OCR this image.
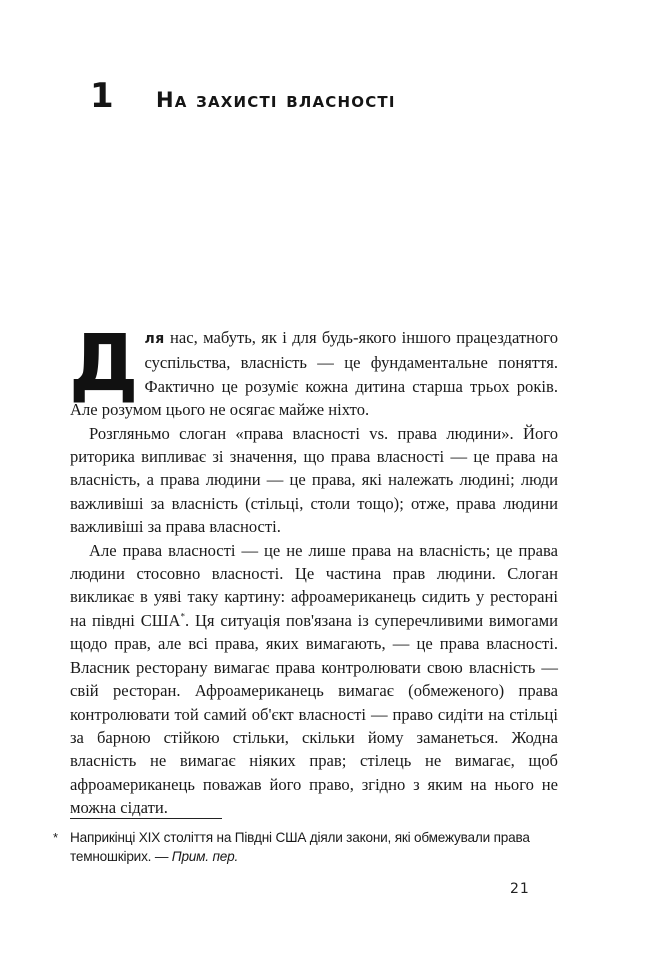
1	На захисті власності

Для нас, мабуть, як і для будь-якого іншого працездатного суспільства, власність — це фундаментальне поняття. Фактично це розуміє кожна дитина старша трьох років. Але розумом цього не осягає майже ніхто.

Розгляньмо слоган «права власності vs. права людини». Його риторика випливає зі значення, що права власності — це права на власність, а права людини — це права, які належать людині; люди важливіші за власність (стільці, столи тощо); отже, права людини важливіші за права власності.

Але права власності — це не лише права на власність; це права людини стосовно власності. Це частина прав людини. Слоган викликає в уяві таку картину: афроамериканець сидить у ресторані на півдні США*. Ця ситуація пов'язана із суперечливими вимогами щодо прав, але всі права, яких вимагають, — це права власності. Власник ресторану вимагає права контролювати свою власність — свій ресторан. Афроамериканець вимагає (обмеженого) права контролювати той самий об'єкт власності — право сидіти на стільці за барною стійкою стільки, скільки йому заманеться. Жодна власність не вимагає ніяких прав; стілець не вимагає, щоб афроамериканець поважав його право, згідно з яким на нього не можна сідати.

* Наприкінці XIX століття на Півдні США діяли закони, які обмежували права темношкірих. — Прим. пер.
21
